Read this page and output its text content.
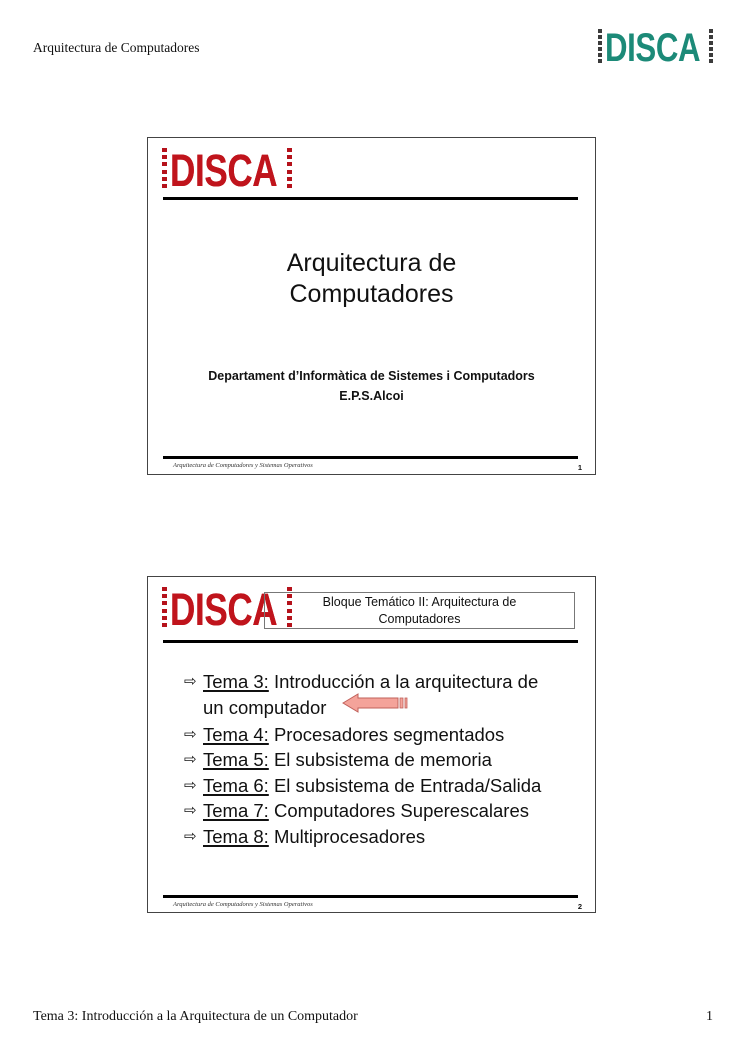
Arquitectura de Computadores	DISCA
DISCA
Arquitectura de
Computadores
Departament d’Informàtica de Sistemes i Computadors
E.P.S.Alcoi
Arquitectura de Computadores y Sistemas Operativos	1
DISCA	Bloque Temático II: Arquitectura de
Computadores
⇨ Tema 3: Introducción a la arquitectura de
un computador
⇨ Tema 4: Procesadores segmentados
⇨ Tema 5: El subsistema de memoria
⇨ Tema 6: El subsistema de Entrada/Salida
⇨ Tema 7: Computadores Superescalares
⇨ Tema 8: Multiprocesadores
Arquitectura de Computadores y Sistemas Operativos	2
Tema 3: Introducción a la Arquitectura de un Computador	1
